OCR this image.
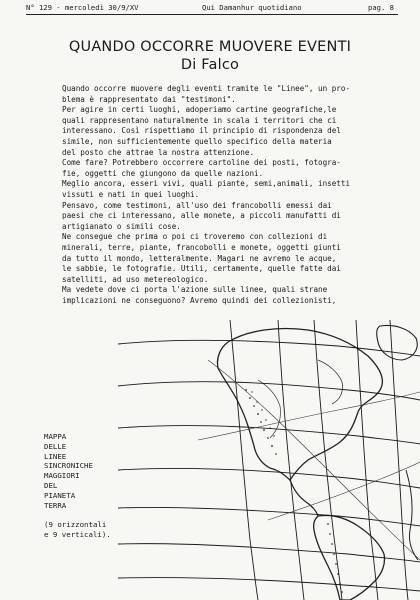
N° 129 - mercoledì 30/9/XV	Qui Damanhur quotidiano	pag. 8
QUANDO OCCORRE MUOVERE EVENTI
Di Falco
Quando occorre muovere degli eventi tramite le "Linee", un pro-
blema è rappresentato dai "testimoni".
Per agire in certi luoghi, adoperiamo cartine geografiche,le
quali rappresentano naturalmente in scala i territori che ci
interessano. Così rispettiamo il principio di rispondenza del
simile, non sufficientemente quello specifico della materia
del posto che attrae la nostra attenzione.
Come fare? Potrebbero occorrere cartoline dei posti, fotogra-
fie, oggetti che giungono da quelle nazioni.
Meglio ancora, esseri vivi, quali piante, semi,animali, insetti
vissuti e nati in quei luoghi.
Pensavo, come testimoni, all'uso dei francobolli emessi dai
paesi che ci interessano, alle monete, a piccoli manufatti di
artigianato o simili cose.
Ne consegue che prima o poi ci troveremo con collezioni di
minerali, terre, piante, francobolli e monete, oggetti giunti
da tutto il mondo, letteralmente. Magari ne avremo le acque,
le sabbie, le fotografie. Utili, certamente, quelle fatte dai
satelliti, ad uso metereologico.
Ma vedete dove ci porta l'azione sulle linee, quali strane
implicazioni ne conseguono? Avremo quindi dei collezionisti,
MAPPA
DELLE
LINEE
SINCRONICHE
MAGGIORI
DEL
PIANETA
TERRA
(9 orizzontali
e 9 verticali).
